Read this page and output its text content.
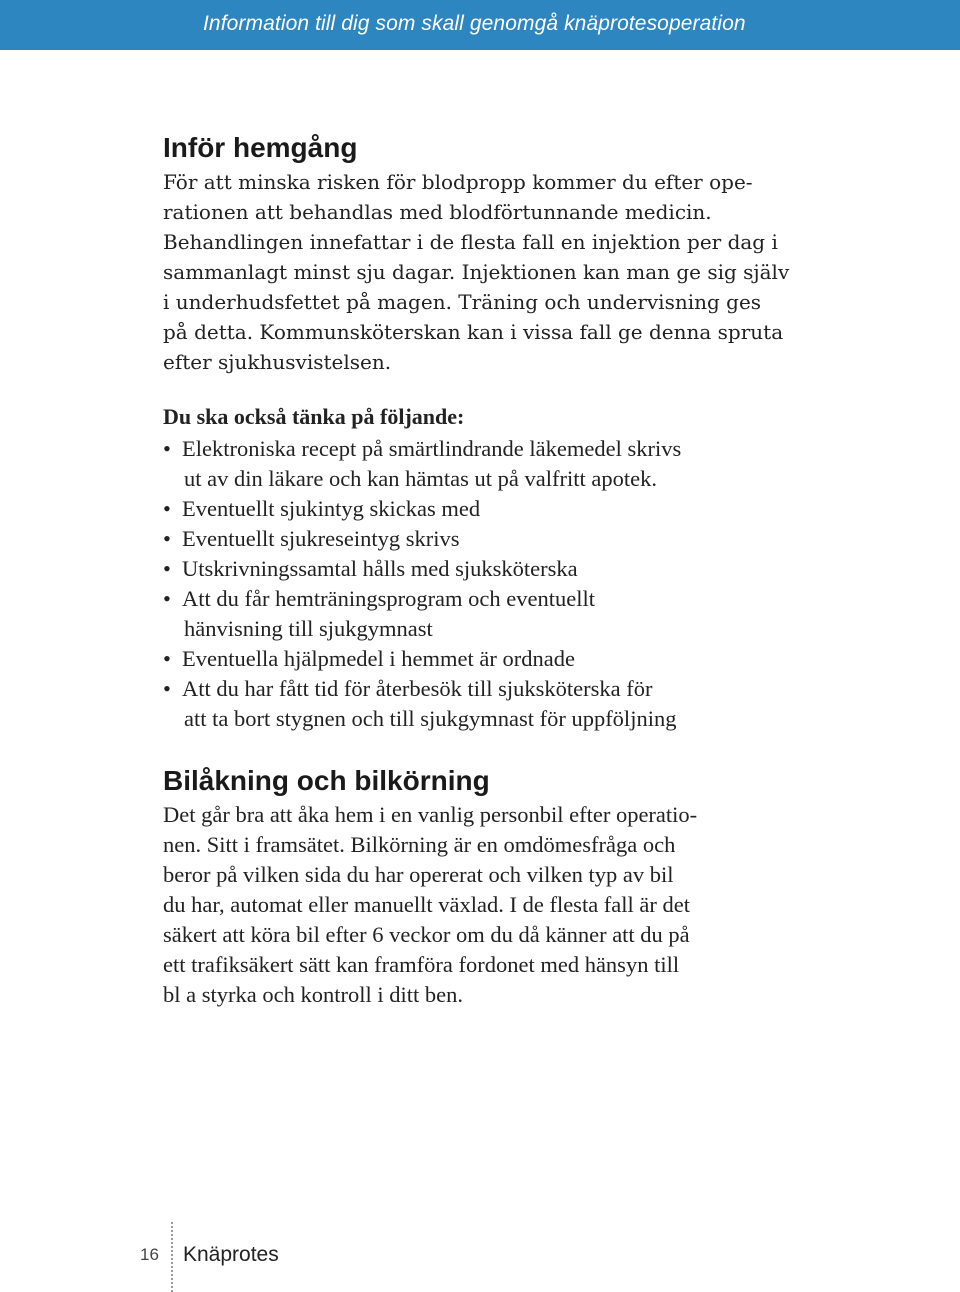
Information till dig som skall genomgå knäprotesoperation
Inför hemgång
För att minska risken för blodpropp kommer du efter ope-
rationen att behandlas med blodförtunnande medicin.
Behandlingen innefattar i de flesta fall en injektion per dag i
sammanlagt minst sju dagar. Injektionen kan man ge sig själv
i underhudsfettet på magen. Träning och undervisning ges
på detta. Kommunsköterskan kan i vissa fall ge denna spruta
efter sjukhusvistelsen.
Du ska också tänka på följande:
• Elektroniska recept på smärtlindrande läkemedel skrivs
ut av din läkare och kan hämtas ut på valfritt apotek.
• Eventuellt sjukintyg skickas med
• Eventuellt sjukreseintyg skrivs
• Utskrivningssamtal hålls med sjuksköterska
• Att du får hemträningsprogram och eventuellt
hänvisning till sjukgymnast
• Eventuella hjälpmedel i hemmet är ordnade
• Att du har fått tid för återbesök till sjuksköterska för
att ta bort stygnen och till sjukgymnast för uppföljning
Bilåkning och bilkörning
Det går bra att åka hem i en vanlig personbil efter operatio-
nen. Sitt i framsätet. Bilkörning är en omdömesfråga och
beror på vilken sida du har opererat och vilken typ av bil
du har, automat eller manuellt växlad. I de flesta fall är det
säkert att köra bil efter 6 veckor om du då känner att du på
ett trafiksäkert sätt kan framföra fordonet med hänsyn till
bl a styrka och kontroll i ditt ben.
16 Knäprotes
